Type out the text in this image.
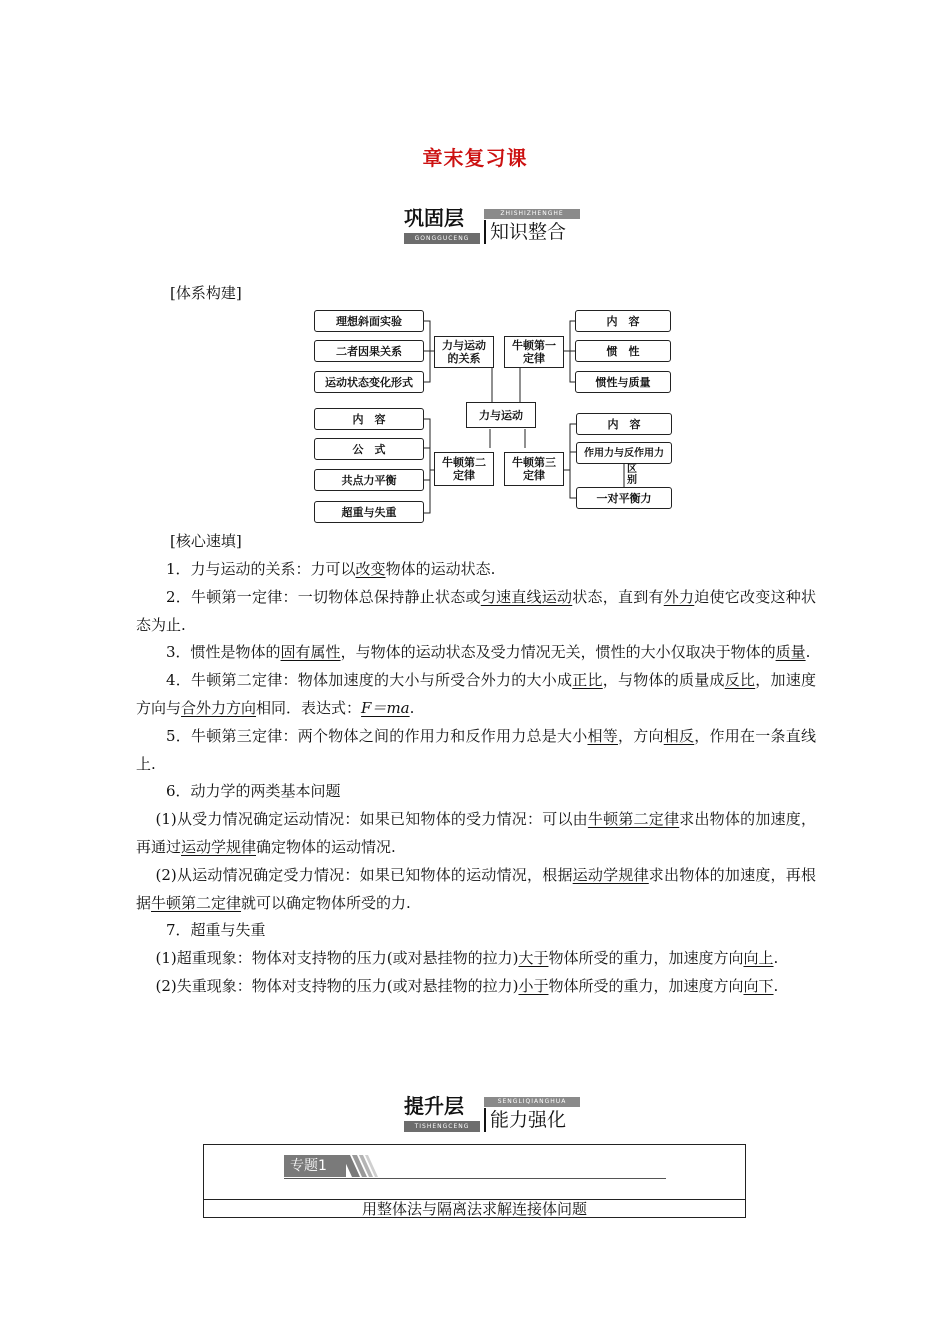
章末复习课
巩固层
GONGGUCENG
ZHISHIZHENGHE
知识整合
[体系构建]
理想斜面实验
二者因果关系
运动状态变化形式
力与运动的关系
牛顿第一定律
内　容
惯　性
惯性与质量
力与运动
内　容
公　式
共点力平衡
超重与失重
牛顿第二定律
牛顿第三定律
内　容
作用力与反作用力
区
别
一对平衡力
[核心速填]

1．力与运动的关系：力可以改变物体的运动状态.

2．牛顿第一定律：一切物体总保持静止状态或匀速直线运动状态，直到有外力迫使它改变这种状态为止.

3．惯性是物体的固有属性，与物体的运动状态及受力情况无关，惯性的大小仅取决于物体的质量.

4．牛顿第二定律：物体加速度的大小与所受合外力的大小成正比，与物体的质量成反比，加速度方向与合外力方向相同．表达式：F＝ma.

5．牛顿第三定律：两个物体之间的作用力和反作用力总是大小相等，方向相反，作用在一条直线上.

6．动力学的两类基本问题

(1)从受力情况确定运动情况：如果已知物体的受力情况：可以由牛顿第二定律求出物体的加速度，再通过运动学规律确定物体的运动情况.

(2)从运动情况确定受力情况：如果已知物体的运动情况，根据运动学规律求出物体的加速度，再根据牛顿第二定律就可以确定物体所受的力.

7．超重与失重

(1)超重现象：物体对支持物的压力(或对悬挂物的拉力)大于物体所受的重力，加速度方向向上.

(2)失重现象：物体对支持物的压力(或对悬挂物的拉力)小于物体所受的重力，加速度方向向下.

提升层
TISHENGCENG
SENGLIQIANGHUA
能力强化
专题1
用整体法与隔离法求解连接体问题
